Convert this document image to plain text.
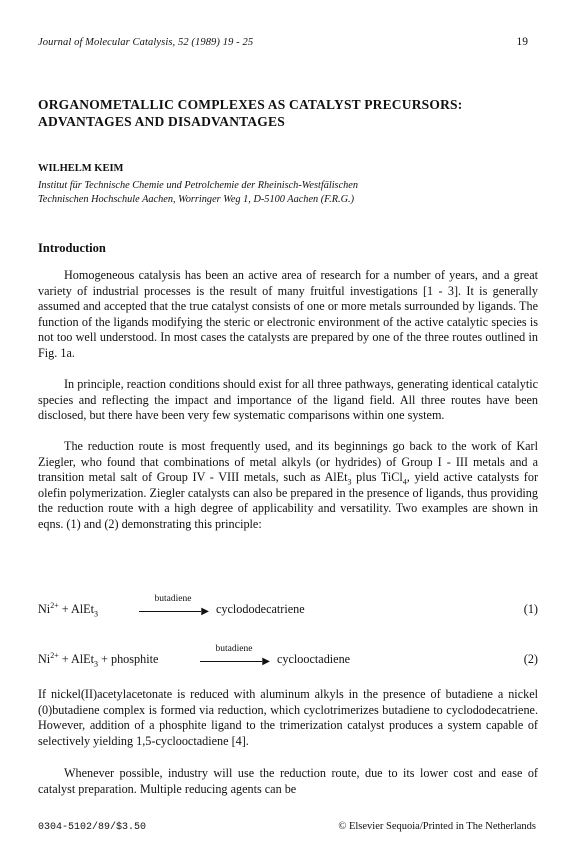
Journal of Molecular Catalysis, 52 (1989) 19 - 25	19
ORGANOMETALLIC COMPLEXES AS CATALYST PRECURSORS:
ADVANTAGES AND DISADVANTAGES
WILHELM KEIM
Institut für Technische Chemie und Petrolchemie der Rheinisch-Westfälischen
Technischen Hochschule Aachen, Worringer Weg 1, D-5100 Aachen (F.R.G.)
Introduction

Homogeneous catalysis has been an active area of research for a number of years, and a great variety of industrial processes is the result of many fruitful investigations [1 - 3]. It is generally assumed and accepted that the true catalyst consists of one or more metals surrounded by ligands. The function of the ligands modifying the steric or electronic environment of the active catalytic species is not too well understood. In most cases the catalysts are prepared by one of the three routes outlined in Fig. 1a.

In principle, reaction conditions should exist for all three pathways, generating identical catalytic species and reflecting the impact and importance of the ligand field. All three routes have been disclosed, but there have been very few systematic comparisons within one system.

The reduction route is most frequently used, and its beginnings go back to the work of Karl Ziegler, who found that combinations of metal alkyls (or hydrides) of Group I - III metals and a transition metal salt of Group IV - VIII metals, such as AlEt$_3$ plus TiCl$_4$, yield active catalysts for olefin polymerization. Ziegler catalysts can also be prepared in the presence of ligands, thus providing the reduction route with a high degree of applicability and versatility. Two examples are shown in eqns. (1) and (2) demonstrating this principle:

$Ni^{2+}$ + AlEt$_3$
butadiene
▶ cyclododecatriene	(1)
$Ni^{2+}$ + AlEt$_3$ + phosphite
butadiene
▶ cyclooctadiene	(2)

If nickel(II)acetylacetonate is reduced with aluminum alkyls in the presence of butadiene a nickel (0)butadiene complex is formed via reduction, which cyclotrimerizes butadiene to cyclododecatriene. However, addition of a phosphite ligand to the trimerization catalyst produces a system capable of selectively yielding 1,5-cyclooctadiene [4].

Whenever possible, industry will use the reduction route, due to its lower cost and ease of catalyst preparation. Multiple reducing agents can be

0304-5102/89/$3.50	© Elsevier Sequoia/Printed in The Netherlands
